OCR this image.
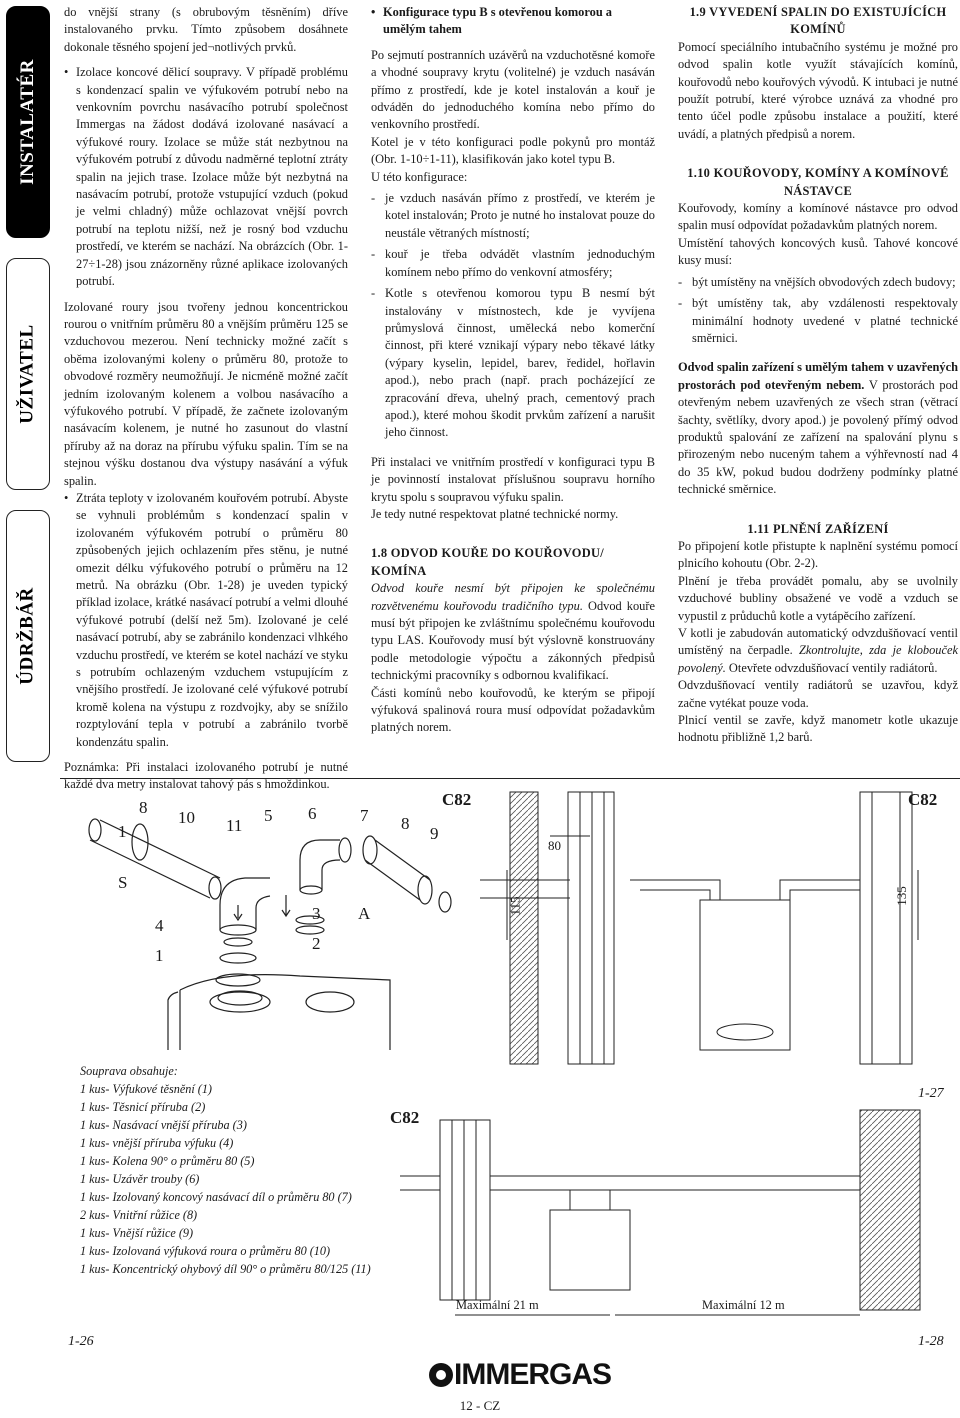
INSTALATÉR
UŽIVATEL
ÚDRŽBÁŘ

do vnější strany (s obrubovým těsněním) dříve instalovaného prvku. Tímto způsobem dosáhnete dokonale těsného spojení jed¬notlivých prvků.

• Izolace koncové dělicí soupravy. V případě problému s kondenzací spalin ve výfukovém potrubí nebo na venkovním povrchu nasávacího potrubí společnost Immergas na žádost dodává izolované nasávací a výfukové roury. Izolace se může stát nezbytnou na výfukovém potrubí z důvodu nadměrné teplotní ztráty spalin na jejich trase. Izolace může být nezbytná na nasávacím potrubí, protože vstupující vzduch (pokud je velmi chladný) může ochlazovat vnější povrch potrubí na teplotu nižší, než je rosný bod vzduchu prostředí, ve kterém se nachází. Na obrázcích (Obr. 1-27÷1-28) jsou znázorněny různé aplikace izolovaných potrubí.

Izolované roury jsou tvořeny jednou koncentrickou rourou o vnitřním průměru 80 a vnějším průměru 125 se vzduchovou mezerou. Není technicky možné začít s oběma izolovanými koleny o průměru 80, protože to obvodové rozměry neumožňují. Je nicméně možné začít jedním izolovaným kolenem a volbou nasávacího a výfukového potrubí. V případě, že začnete izolovaným nasávacím kolenem, je nutné ho zasunout do vlastní příruby až na doraz na přírubu výfuku spalin. Tím se na stejnou výšku dostanou dva výstupy nasávání a výfuk spalin.

• Ztráta teploty v izolovaném kouřovém potrubí. Abyste se vyhnuli problémům s kondenzací spalin v izolovaném výfukovém potrubí o průměru 80 způsobených jejich ochlazením přes stěnu, je nutné omezit délku výfukového potrubí o průměru na 12 metrů. Na obrázku (Obr. 1-28) je uveden typický příklad izolace, krátké nasávací potrubí a velmi dlouhé výfukové potrubí (delší než 5m). Izolované je celé nasávací potrubí, aby se zabránilo kondenzaci vlhkého vzduchu prostředí, ve kterém se kotel nachází ve styku s potrubím ochlazeným vzduchem vstupujícím z vnějšího prostředí. Je izolované celé výfukové potrubí kromě kolena na výstupu z rozdvojky, aby se snížilo rozptylování tepla v potrubí a zabránilo tvorbě kondenzátu spalin.

Poznámka: Při instalaci izolovaného potrubí je nutné každé dva metry instalovat tahový pás s hmoždinkou.

• Konfigurace typu B s otevřenou komorou a umělým tahem

Po sejmutí postranních uzávěrů na vzduchotěsné komoře a vhodné soupravy krytu (volitelné) je vzduch nasáván přímo z prostředí, kde je kotel instalován a kouř je odváděn do jednoduchého komína nebo přímo do venkovního prostředí.

Kotel je v této konfiguraci podle pokynů pro montáž (Obr. 1-10÷1-11), klasifikován jako kotel typu B.

U této konfigurace:

- je vzduch nasáván přímo z prostředí, ve kterém je kotel instalován; Proto je nutné ho instalovat pouze do neustále větraných místností;
- kouř je třeba odvádět vlastním jednoduchým komínem nebo přímo do venkovní atmosféry;
- Kotle s otevřenou komorou typu B nesmí být instalovány v místnostech, kde je vyvíjena průmyslová činnost, umělecká nebo komerční činnost, při které vznikají výpary nebo těkavé látky (výpary kyselin, lepidel, barev, ředidel, hořlavin apod.), nebo prach (např. prach pocházející ze zpracování dřeva, uhelný prach, cementový prach apod.), které mohou škodit prvkům zařízení a narušit jeho činnost.

Při instalaci ve vnitřním prostředí v konfiguraci typu B je povinností instalovat příslušnou soupravu horního krytu spolu s soupravou výfuku spalin.

Je tedy nutné respektovat platné technické normy.

1.8 ODVOD KOUŘE DO KOUŘOVODU/ KOMÍNA

Odvod kouře nesmí být připojen ke společnému rozvětvenému kouřovodu tradičního typu. Odvod kouře musí být připojen ke zvláštnímu společnému kouřovodu typu LAS. Kouřovody musí být výslovně konstruovány podle metodologie výpočtu a zákonných předpisů technickými pracovníky s odbornou kvalifikací.

Části komínů nebo kouřovodů, ke kterým se připojí výfuková spalinová roura musí odpovídat požadavkům platných norem.

1.9 VYVEDENÍ SPALIN DO EXISTUJÍCÍCH KOMÍNŮ

Pomocí speciálního intubačního systému je možné pro odvod spalin kotle využít stávajících komínů, kouřovodů nebo kouřových vývodů. K intubaci je nutné použít potrubí, které výrobce uznává za vhodné pro tento účel podle způsobu instalace a použití, které uvádí, a platných předpisů a norem.

1.10 KOUŘOVODY, KOMÍNY A KOMÍNOVÉ NÁSTAVCE

Kouřovody, komíny a komínové nástavce pro odvod spalin musí odpovídat požadavkům platných norem.

Umístění tahových koncových kusů. Tahové koncové kusy musí:

- být umístěny na vnějších obvodových zdech budovy;
- být umístěny tak, aby vzdálenosti respektovaly minimální hodnoty uvedené v platné technické směrnici.

Odvod spalin zařízení s umělým tahem v uzavřených prostorách pod otevřeným nebem. V prostorách pod otevřeným nebem uzavřených ze všech stran (větrací šachty, světlíky, dvory apod.) je povolený přímý odvod produktů spalování ze zařízení na spalování plynu s přirozeným nebo nuceným tahem a výhřevností nad 4 do 35 kW, pokud budou dodrženy podmínky platné technické směrnice.

1.11 PLNĚNÍ ZAŘÍZENÍ

Po připojení kotle přistupte k naplnění systému pomocí plnicího kohoutu (Obr. 2-2).

Plnění je třeba provádět pomalu, aby se uvolnily vzduchové bubliny obsažené ve vodě a vzduch se vypustil z průduchů kotle a vytápěcího zařízení.

V kotli je zabudován automatický odvzdušňovací ventil umístěný na čerpadle. Zkontrolujte, zda je klobouček povolený. Otevřete odvzdušňovací ventily radiátorů.

Odvzdušňovací ventily radiátorů se uzavřou, když začne vytékat pouze voda.

Plnicí ventil se zavře, když manometr kotle ukazuje hodnotu přibližně 1,2 barů.

1
8
10 11
5 6	7 8
9
S
4
1
3
2
A
C82	C82
80
115
135
1-27
Souprava obsahuje:
1 kus- Výfukové těsnění (1)
1 kus- Těsnicí příruba (2)
1 kus- Nasávací vnější příruba (3)
1 kus- vnější příruba výfuku (4)
1 kus- Kolena 90° o průměru 80 (5)
1 kus- Uzávěr trouby (6)
1 kus- Izolovaný koncový nasávací díl o průměru 80 (7)
2 kus- Vnitřní růžice (8)
1 kus- Vnější růžice (9)
1 kus- Izolovaná výfuková roura o průměru 80 (10)
1 kus- Koncentrický ohybový díl 90° o průměru 80/125 (11)
1-26
C82
Maximální 21 m	Maximální 12 m
1-28
IMMERGAS
12 - CZ
